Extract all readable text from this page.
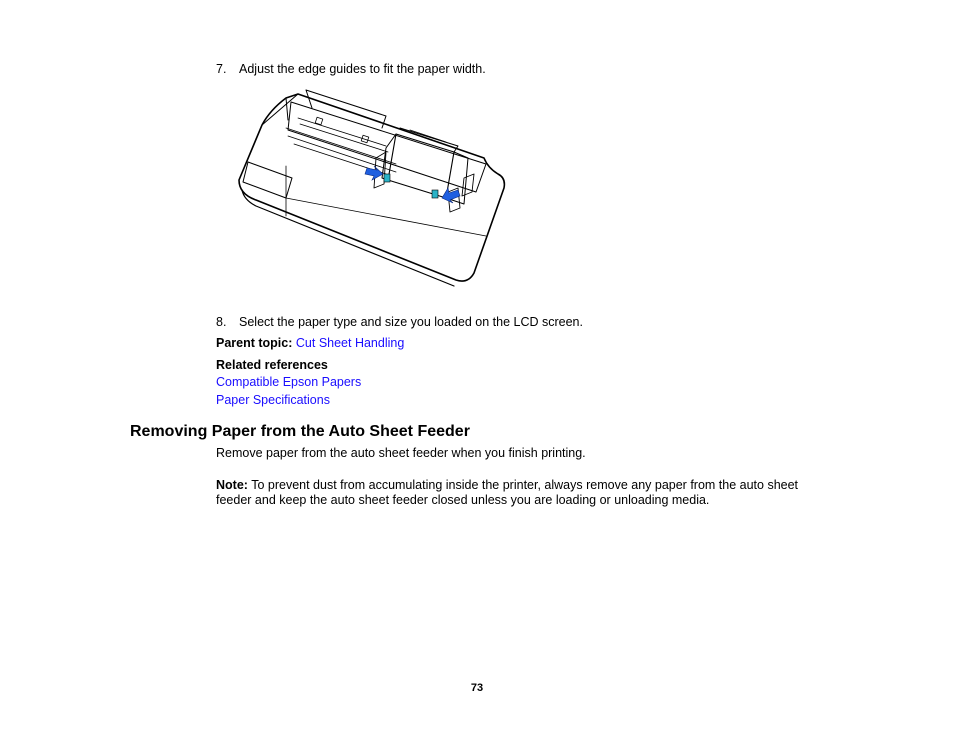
7. Adjust the edge guides to fit the paper width.
8. Select the paper type and size you loaded on the LCD screen.
Parent topic: Cut Sheet Handling
Related references
Compatible Epson Papers
Paper Specifications
Removing Paper from the Auto Sheet Feeder
Remove paper from the auto sheet feeder when you finish printing.
Note: To prevent dust from accumulating inside the printer, always remove any paper from the auto sheet feeder and keep the auto sheet feeder closed unless you are loading or unloading media.
73
